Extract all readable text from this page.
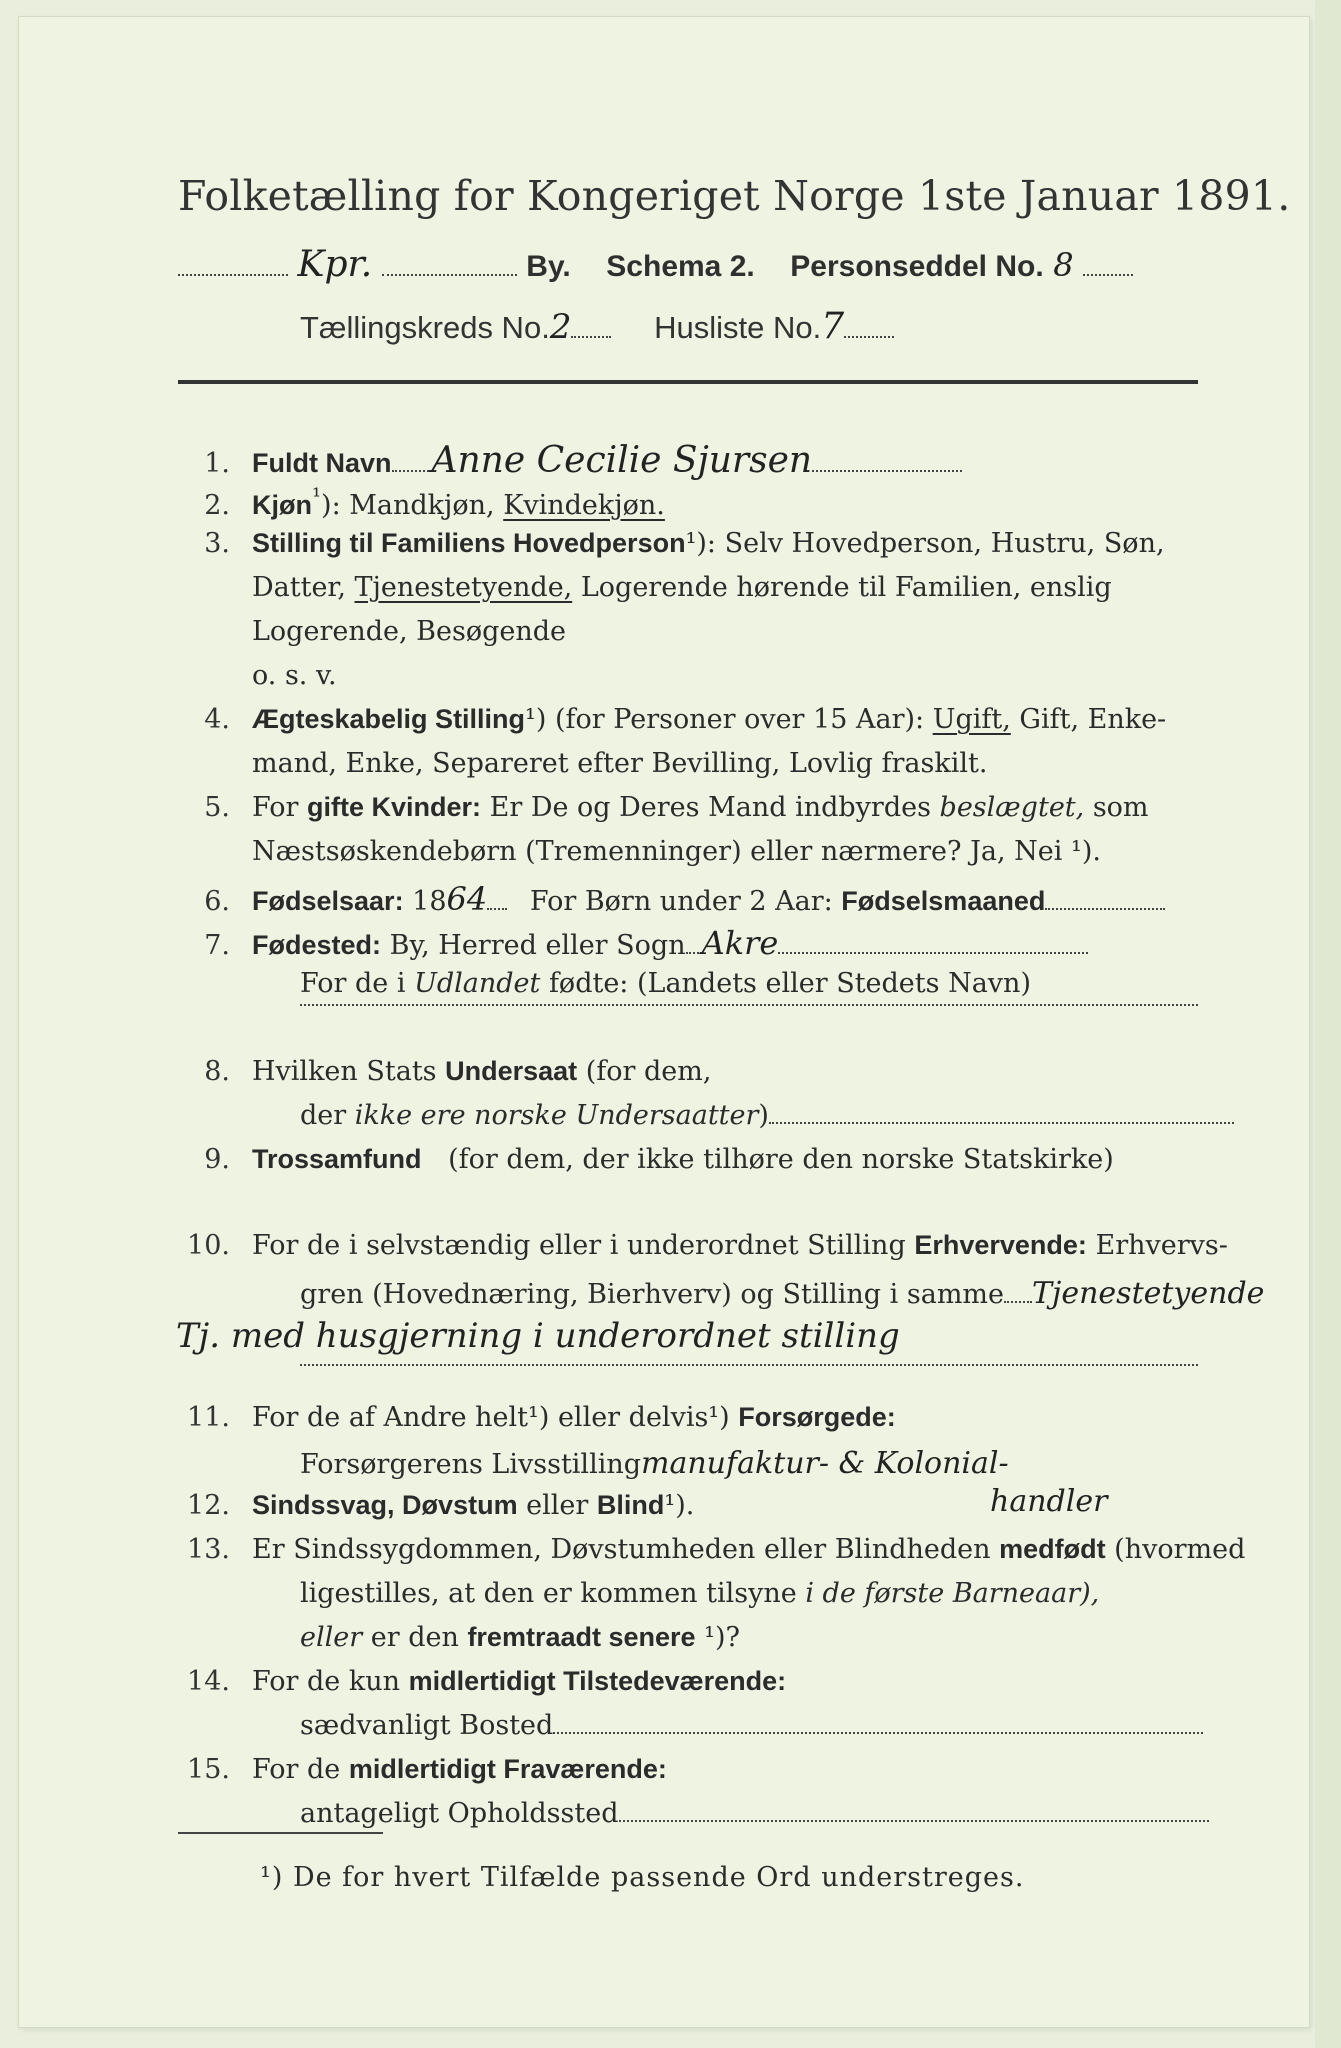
Folketælling for Kongeriget Norge 1ste Januar 1891.
Kpr.	By. Schema 2. Personseddel No. 8
Tællingskreds No.2	Husliste No.7
1. Fuldt Navn Anne Cecilie Sjursen
2. Kjøn$^{^1}$): Mandkjøn, Kvindekjøn.
3. Stilling til Familiens Hovedperson¹): Selv Hovedperson, Hustru, Søn,
Datter, Tjenestetyende, Logerende hørende til Familien, enslig
Logerende, Besøgende
o. s. v.
4. Ægteskabelig Stilling¹) (for Personer over 15 Aar): Ugift, Gift, Enke-
mand, Enke, Separeret efter Bevilling, Lovlig fraskilt.
5. For gifte Kvinder: Er De og Deres Mand indbyrdes beslægtet, som
Næstsøskendebørn (Tremenninger) eller nærmere? Ja, Nei ¹).
6. Fødselsaar: 1864 For Børn under 2 Aar: Fødselsmaaned
7. Fødested: By, Herred eller Sogn Akre
For de i Udlandet fødte: (Landets eller Stedets Navn)
8. Hvilken Stats Undersaat (for dem,
der ikke ere norske Undersaatter)
9. Trossamfund (for dem, der ikke tilhøre den norske Statskirke)
10. For de i selvstændig eller i underordnet Stilling Erhvervende: Erhvervs-
gren (Hovednæring, Bierhverv) og Stilling i samme Tjenestetyende
Tj. med husgjerning i underordnet stilling
11. For de af Andre helt¹) eller delvis¹) Forsørgede:
Forsørgerens Livsstillingmanufaktur- & Kolonial-
handler
12. Sindssvag, Døvstum eller Blind¹).
13. Er Sindssygdommen, Døvstumheden eller Blindheden medfødt (hvormed
ligestilles, at den er kommen tilsyne i de første Barneaar),
eller er den fremtraadt senere ¹)?
14. For de kun midlertidigt Tilstedeværende:
sædvanligt Bosted
15. For de midlertidigt Fraværende:
antageligt Opholdssted
¹) De for hvert Tilfælde passende Ord understreges.
